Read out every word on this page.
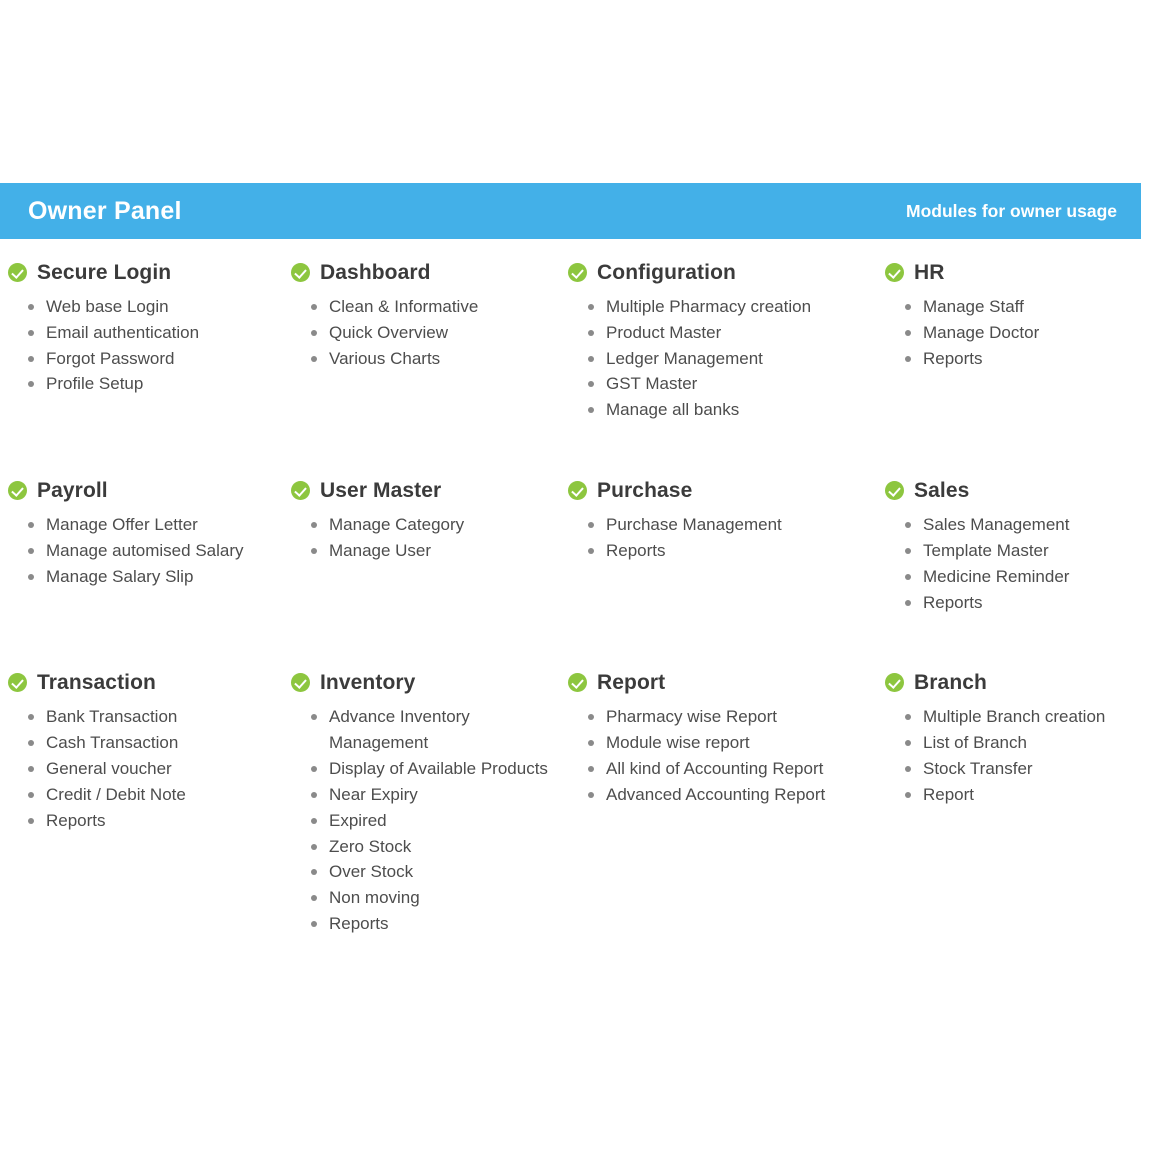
Owner Panel	Modules for owner usage
Secure Login
Web base Login
Email authentication
Forgot Password
Profile Setup
Dashboard
Clean & Informative
Quick Overview
Various Charts
Configuration
Multiple Pharmacy creation
Product Master
Ledger Management
GST Master
Manage all banks
HR
Manage Staff
Manage Doctor
Reports
Payroll
Manage Offer Letter
Manage automised Salary
Manage Salary Slip
User Master
Manage Category
Manage User
Purchase
Purchase Management
Reports
Sales
Sales Management
Template Master
Medicine Reminder
Reports
Transaction
Bank Transaction
Cash Transaction
General voucher
Credit / Debit Note
Reports
Inventory
Advance Inventory Management
Display of Available Products
Near Expiry
Expired
Zero Stock
Over Stock
Non moving
Reports
Report
Pharmacy wise Report
Module wise report
All kind of Accounting Report
Advanced Accounting Report
Branch
Multiple Branch creation
List of Branch
Stock Transfer
Report
